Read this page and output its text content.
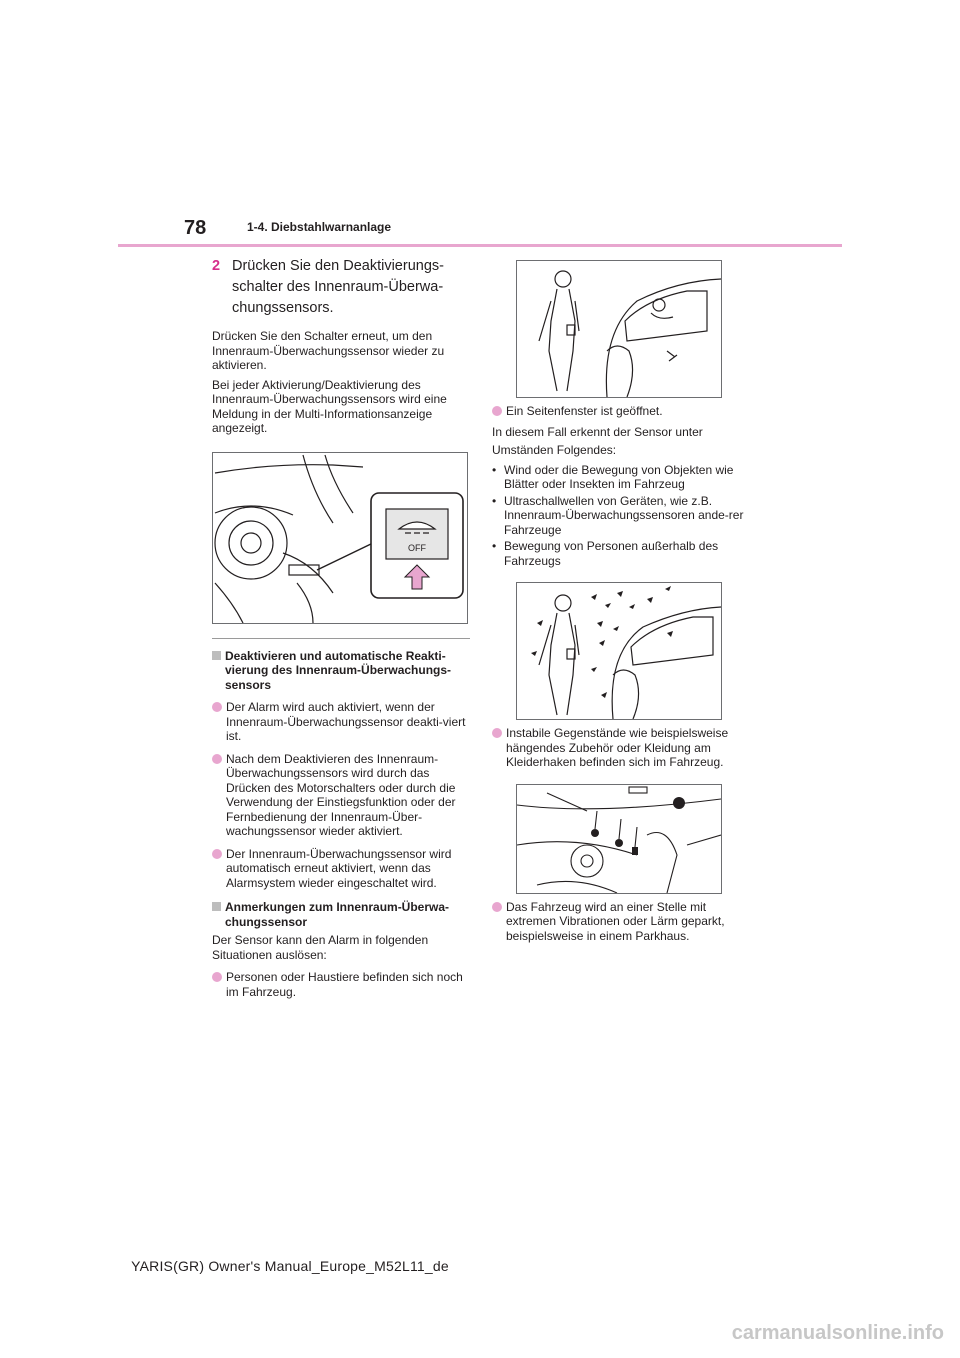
78	1-4. Diebstahlwarnanlage
2 Drücken Sie den Deaktivierungs-
schalter des Innenraum-Überwa-
chungssensors.

Drücken Sie den Schalter erneut, um den Innenraum-Überwachungssensor wieder zu aktivieren.

Bei jeder Aktivierung/Deaktivierung des Innenraum-Überwachungssensors wird eine Meldung in der Multi-Informationsanzeige angezeigt.

OFF
Deaktivieren und automatische Reakti-vierung des Innenraum-Überwachungs-sensors
Der Alarm wird auch aktiviert, wenn der Innenraum-Überwachungssensor deakti-viert ist.
Nach dem Deaktivieren des Innenraum-Überwachungssensors wird durch das Drücken des Motorschalters oder durch die Verwendung der Einstiegsfunktion oder der Fernbedienung der Innenraum-Über-wachungssensor wieder aktiviert.
Der Innenraum-Überwachungssensor wird automatisch erneut aktiviert, wenn das Alarmsystem wieder eingeschaltet wird.
Anmerkungen zum Innenraum-Überwa-chungssensor

Der Sensor kann den Alarm in folgenden Situationen auslösen:

Personen oder Haustiere befinden sich noch im Fahrzeug.
Ein Seitenfenster ist geöffnet.

In diesem Fall erkennt der Sensor unter

Umständen Folgendes:

• Wind oder die Bewegung von Objekten wie Blätter oder Insekten im Fahrzeug
• Ultraschallwellen von Geräten, wie z.B. Innenraum-Überwachungssensoren ande-rer Fahrzeuge
• Bewegung von Personen außerhalb des Fahrzeugs
Instabile Gegenstände wie beispielsweise hängendes Zubehör oder Kleidung am Kleiderhaken befinden sich im Fahrzeug.
Das Fahrzeug wird an einer Stelle mit extremen Vibrationen oder Lärm geparkt, beispielsweise in einem Parkhaus.
YARIS(GR) Owner's Manual_Europe_M52L11_de
carmanualsonline.info
